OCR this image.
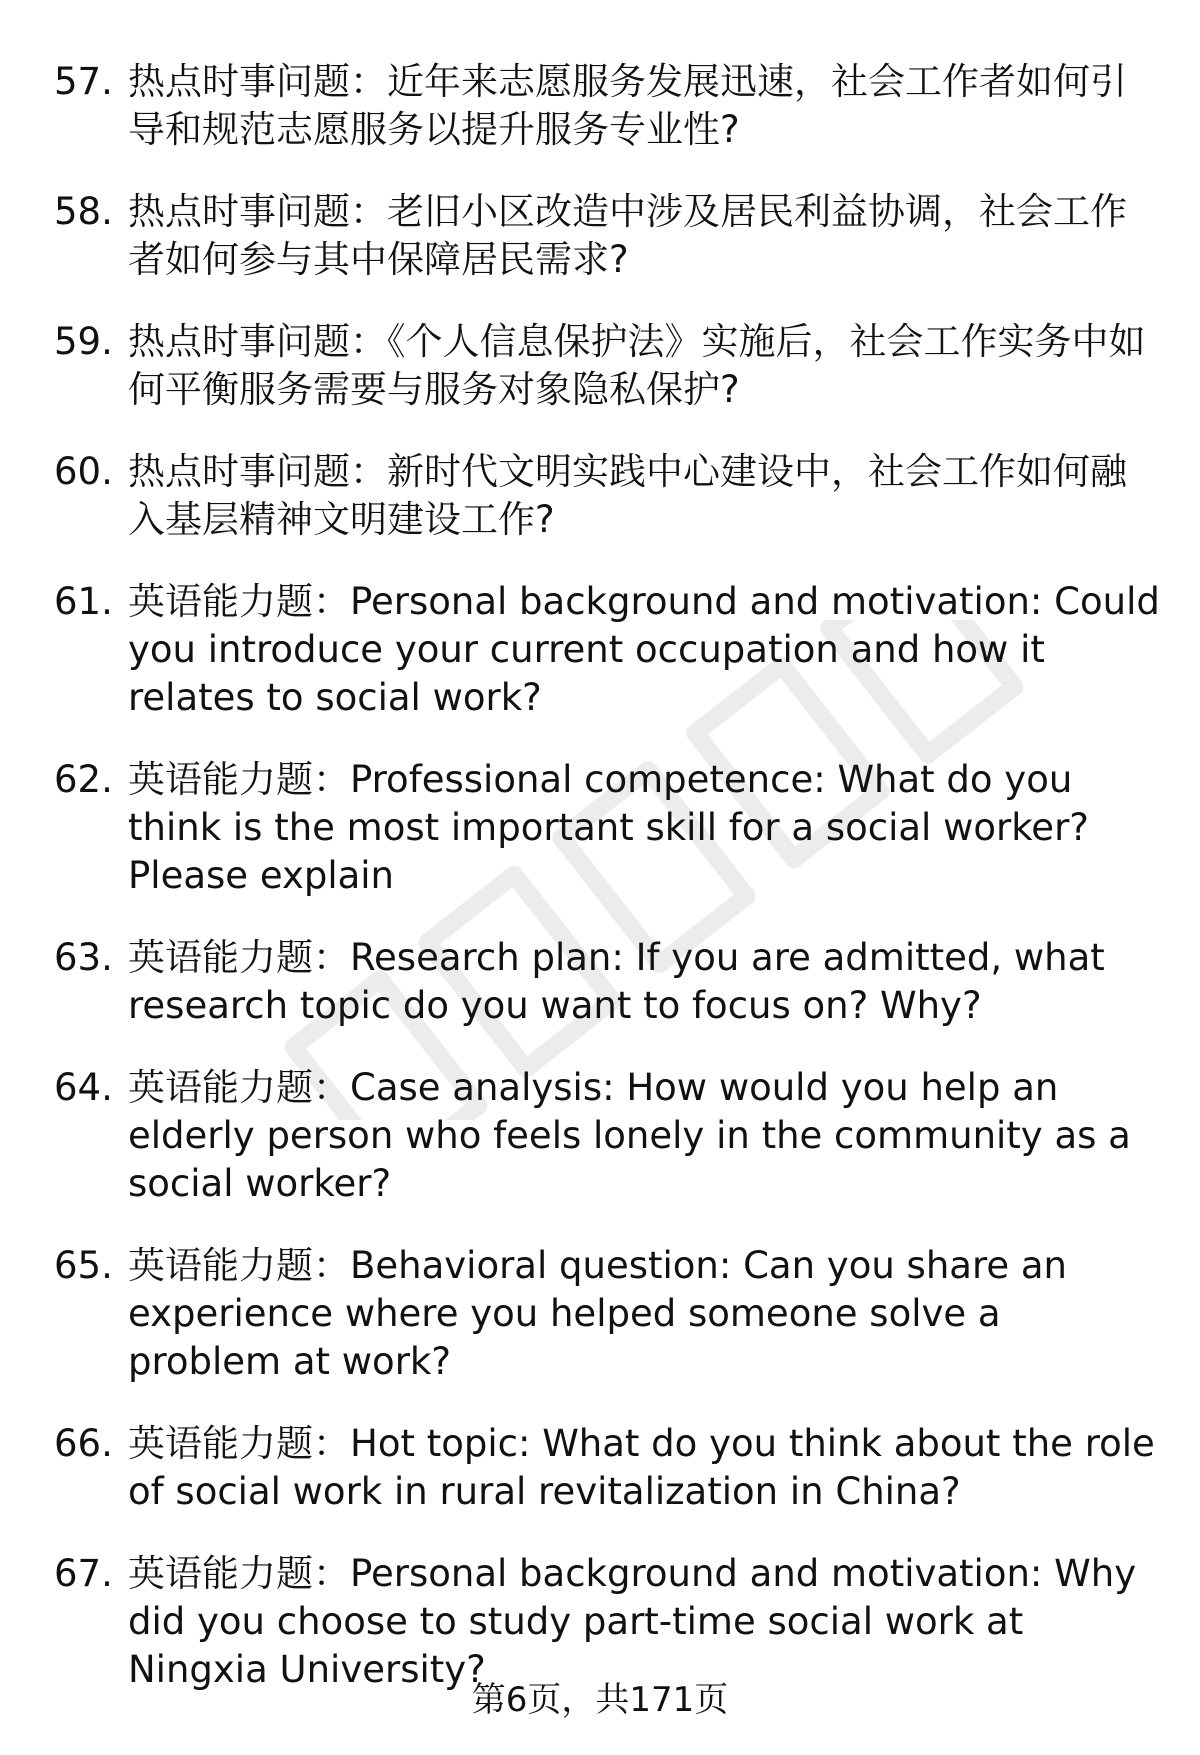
57. 热点时事问题：近年来志愿服务发展迅速，社会工作者如何引导和规范志愿服务以提升服务专业性?
58. 热点时事问题：老旧小区改造中涉及居民利益协调，社会工作者如何参与其中保障居民需求?
59. 热点时事问题：《个人信息保护法》实施后，社会工作实务中如何平衡服务需要与服务对象隐私保护?
60. 热点时事问题：新时代文明实践中心建设中，社会工作如何融入基层精神文明建设工作?
61. 英语能力题：Personal background and motivation: Could you introduce your current occupation and how it relates to social work?
62. 英语能力题：Professional competence: What do you think is the most important skill for a social worker? Please explain
63. 英语能力题：Research plan: If you are admitted, what research topic do you want to focus on? Why?
64. 英语能力题：Case analysis: How would you help an elderly person who feels lonely in the community as a social worker?
65. 英语能力题：Behavioral question: Can you share an experience where you helped someone solve a problem at work?
66. 英语能力题：Hot topic: What do you think about the role of social work in rural revitalization in China?
67. 英语能力题：Personal background and motivation: Why did you choose to study part-time social work at Ningxia University?
第6页，共171页
